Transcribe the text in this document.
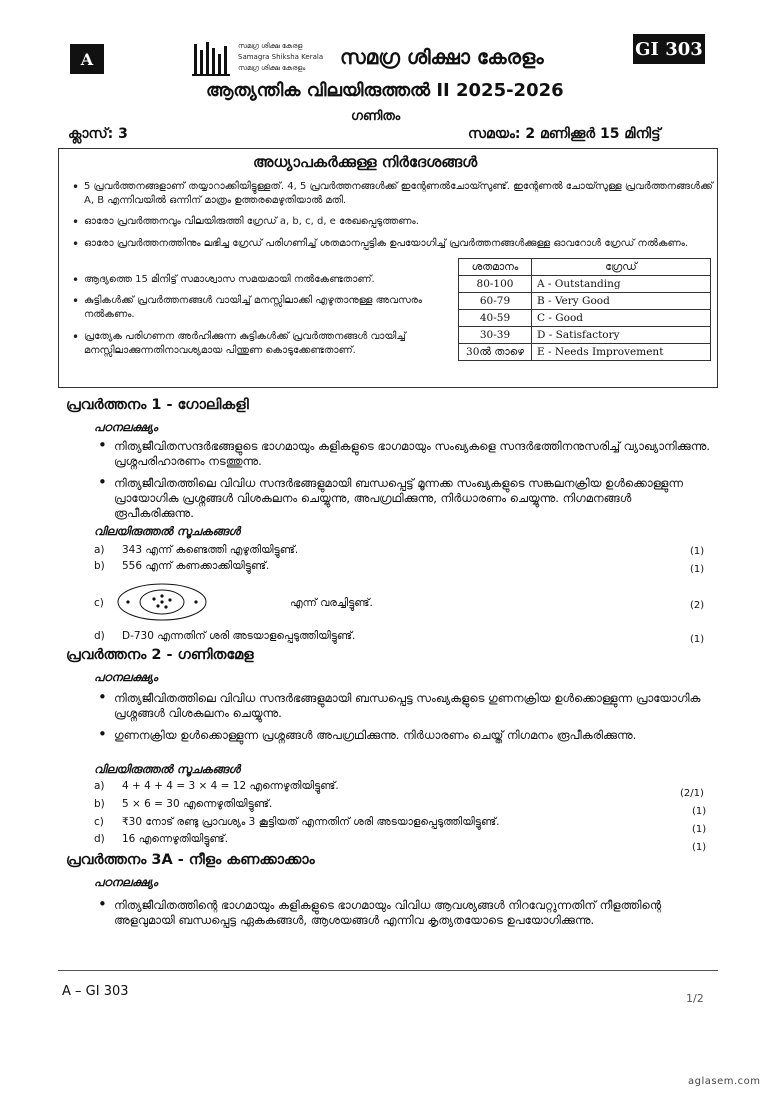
A
സമഗ്ര ശിക്ഷ കേരള
Samagra Shiksha Kerala
സമഗ്ര ശിക്ഷ കേരളം സമഗ്ര ശിക്ഷാ കേരളം	GI 303
ആത്യന്തിക വിലയിരുത്തൽ II 2025-2026
ഗണിതം
ക്ലാസ്: 3	സമയം: 2 മണിക്കൂർ 15 മിനിട്ട്
അധ്യാപകർക്കുള്ള നിർദേശങ്ങൾ
• 5 പ്രവർത്തനങ്ങളാണ് തയ്യാറാക്കിയിട്ടുള്ളത്. 4, 5 പ്രവർത്തനങ്ങൾക്ക് ഇന്റേണൽചോയ്സുണ്ട്. ഇന്റേണൽ ചോയ്സുള്ള പ്രവർത്തനങ്ങൾക്ക് A, B എന്നിവയിൽ ഒന്നിന് മാത്രം ഉത്തരമെഴുതിയാൽ മതി.
• ഓരോ പ്രവർത്തനവും വിലയിരുത്തി ഗ്രേഡ് a, b, c, d, e രേഖപ്പെടുത്തണം.
• ഓരോ പ്രവർത്തനത്തിനും ലഭിച്ച ഗ്രേഡ് പരിഗണിച്ച് ശതമാനപ്പട്ടിക ഉപയോഗിച്ച് പ്രവർത്തനങ്ങൾക്കുള്ള ഓവറോൾ ഗ്രേഡ് നൽകണം.
• ആദ്യത്തെ 15 മിനിട്ട് സമാശ്വാസ സമയമായി നൽകേണ്ടതാണ്.
• കുട്ടികൾക്ക് പ്രവർത്തനങ്ങൾ വായിച്ച് മനസ്സിലാക്കി എഴുതാനുള്ള അവസരം നൽകണം.
• പ്രത്യേക പരിഗണന അർഹിക്കുന്ന കുട്ടികൾക്ക് പ്രവർത്തനങ്ങൾ വായിച്ച് മനസ്സിലാക്കുന്നതിനാവശ്യമായ പിന്തുണ കൊടുക്കേണ്ടതാണ്.
ശതമാനം	ഗ്രേഡ്
80-100	A - Outstanding
60-79	B - Very Good
40-59	C - Good
30-39	D - Satisfactory
30ൽ താഴെ	E - Needs Improvement
പ്രവർത്തനം 1 - ഗോലികളി
പഠനലക്ഷ്യം
• നിത്യജീവിതസന്ദർഭങ്ങളുടെ ഭാഗമായും കളികളുടെ ഭാഗമായും സംഖ്യകളെ സന്ദർഭത്തിനനുസരിച്ച് വ്യാഖ്യാനിക്കുന്നു. പ്രശ്നപരിഹാരണം നടത്തുന്നു.
• നിത്യജീവിതത്തിലെ വിവിധ സന്ദർഭങ്ങളുമായി ബന്ധപ്പെട്ട് മൂന്നക്ക സംഖ്യകളുടെ സങ്കലനക്രിയ ഉൾക്കൊള്ളുന്ന പ്രായോഗിക പ്രശ്നങ്ങൾ വിശകലനം ചെയ്യുന്നു, അപഗ്രഥിക്കുന്നു, നിർധാരണം ചെയ്യുന്നു. നിഗമനങ്ങൾ രൂപീകരിക്കുന്നു.
വിലയിരുത്തൽ സൂചകങ്ങൾ
a) 343 എന്ന് കണ്ടെത്തി എഴുതിയിട്ടുണ്ട്.	(1)
b) 556 എന്ന് കണക്കാക്കിയിട്ടുണ്ട്.	(1)
c)	എന്ന് വരച്ചിട്ടുണ്ട്.	(2)
d) D-730 എന്നതിന് ശരി അടയാളപ്പെടുത്തിയിട്ടുണ്ട്.	(1)
പ്രവർത്തനം 2 - ഗണിതമേള
പഠനലക്ഷ്യം
• നിത്യജീവിതത്തിലെ വിവിധ സന്ദർഭങ്ങളുമായി ബന്ധപ്പെട്ട സംഖ്യകളുടെ ഗുണനക്രിയ ഉൾക്കൊള്ളുന്ന പ്രായോഗിക പ്രശ്നങ്ങൾ വിശകലനം ചെയ്യുന്നു.
• ഗുണനക്രിയ ഉൾക്കൊള്ളുന്ന പ്രശ്നങ്ങൾ അപഗ്രഥിക്കുന്നു. നിർധാരണം ചെയ്ത് നിഗമനം രൂപീകരിക്കുന്നു.
വിലയിരുത്തൽ സൂചകങ്ങൾ
a) 4 + 4 + 4 = 3 × 4 = 12 എന്നെഴുതിയിട്ടുണ്ട്.
(2/1)
b) 5 × 6 = 30 എന്നെഴുതിയിട്ടുണ്ട്.
(1)
c) ₹30 നോട് രണ്ടു പ്രാവശ്യം 3 കൂട്ടിയത് എന്നതിന് ശരി അടയാളപ്പെടുത്തിയിട്ടുണ്ട്.
(1)
d) 16 എന്നെഴുതിയിട്ടുണ്ട്.
(1)
പ്രവർത്തനം 3A - നീളം കണക്കാക്കാം
പഠനലക്ഷ്യം
• നിത്യജീവിതത്തിന്റെ ഭാഗമായും കളികളുടെ ഭാഗമായും വിവിധ ആവശ്യങ്ങൾ നിറവേറ്റുന്നതിന് നീളത്തിന്റെ അളവുമായി ബന്ധപ്പെട്ട ഏകകങ്ങൾ, ആശയങ്ങൾ എന്നിവ കൃത്യതയോടെ ഉപയോഗിക്കുന്നു.
A – GI 303	1/2
aglasem.com
